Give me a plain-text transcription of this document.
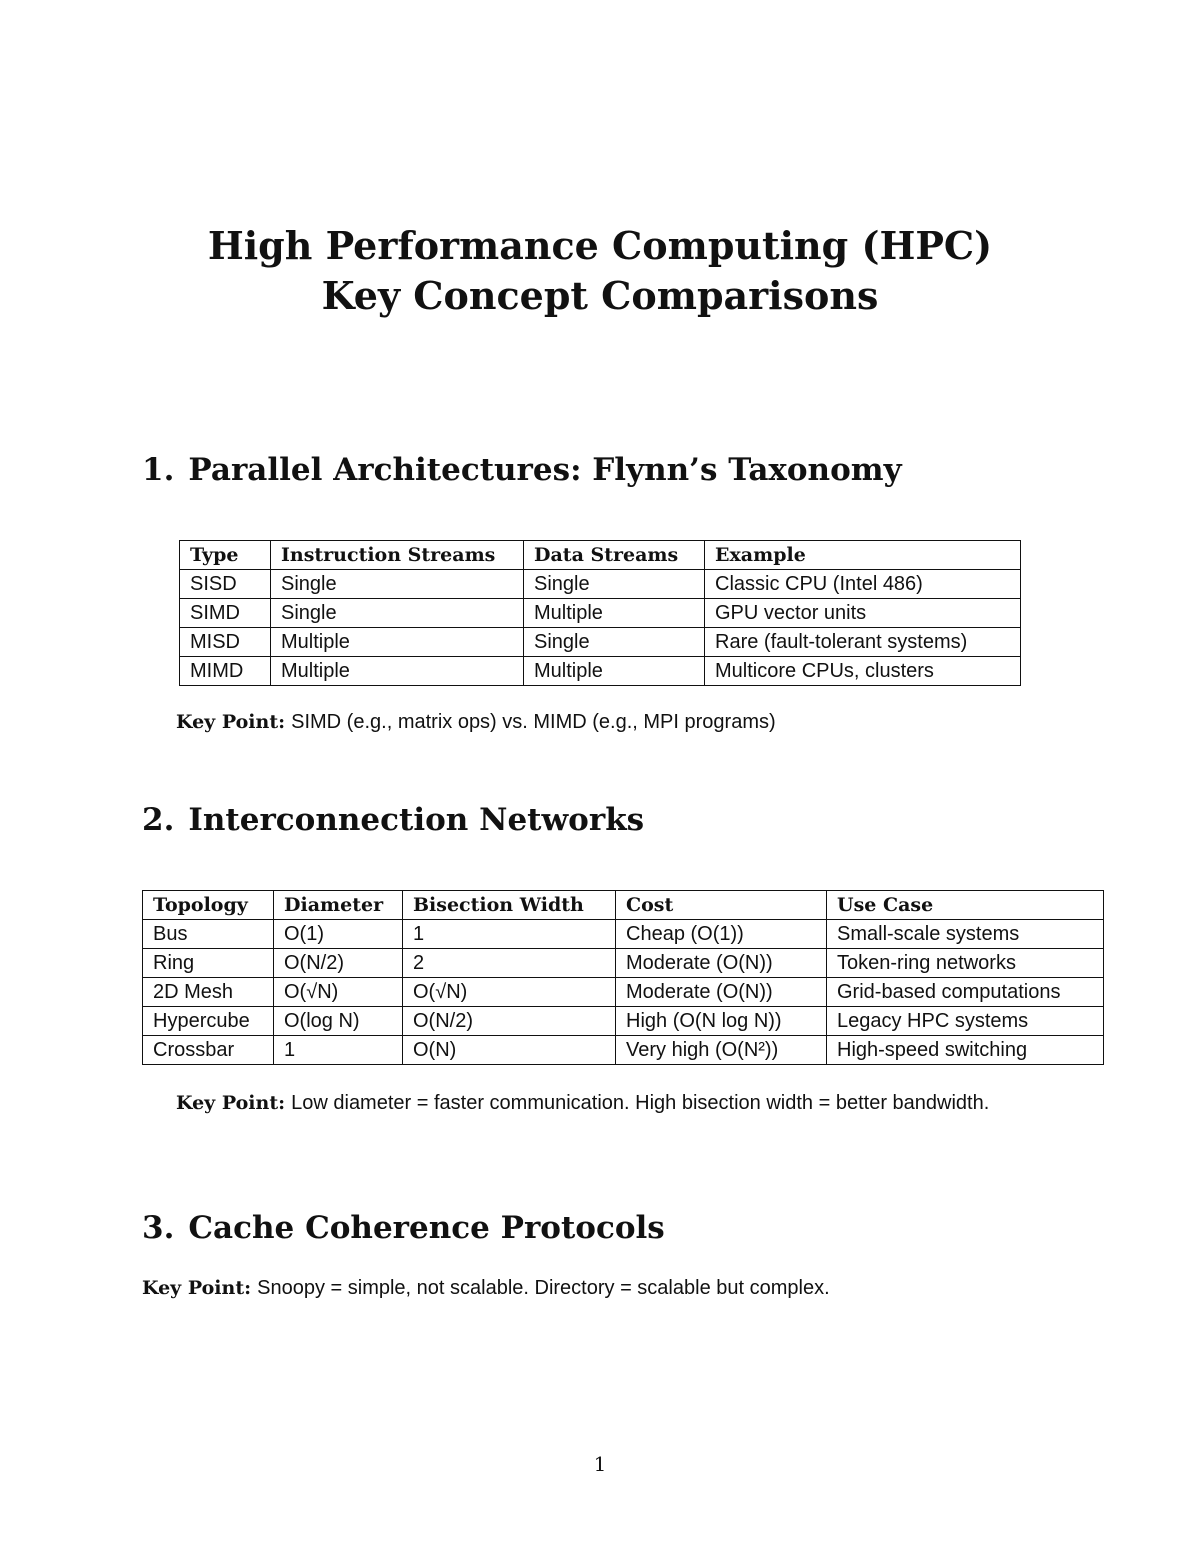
High Performance Computing (HPC)
Key Concept Comparisons
1. Parallel Architectures: Flynn’s Taxonomy
Type	Instruction Streams	Data Streams	Example
SISD	Single	Single	Classic CPU (Intel 486)
SIMD	Single	Multiple	GPU vector units
MISD	Multiple	Single	Rare (fault-tolerant systems)
MIMD	Multiple	Multiple	Multicore CPUs, clusters
Key Point: SIMD (e.g., matrix ops) vs. MIMD (e.g., MPI programs)
2. Interconnection Networks
Topology	Diameter	Bisection Width	Cost	Use Case
Bus	O(1)	1	Cheap (O(1))	Small-scale systems
Ring	O(N/2)	2	Moderate (O(N))	Token-ring networks
2D Mesh	O(√N)	O(√N)	Moderate (O(N))	Grid-based computations
Hypercube	O(log N)	O(N/2)	High (O(N log N))	Legacy HPC systems
Crossbar	1	O(N)	Very high (O(N²))	High-speed switching
Key Point: Low diameter = faster communication. High bisection width = better bandwidth.
3. Cache Coherence Protocols
Key Point: Snoopy = simple, not scalable. Directory = scalable but complex.
1
